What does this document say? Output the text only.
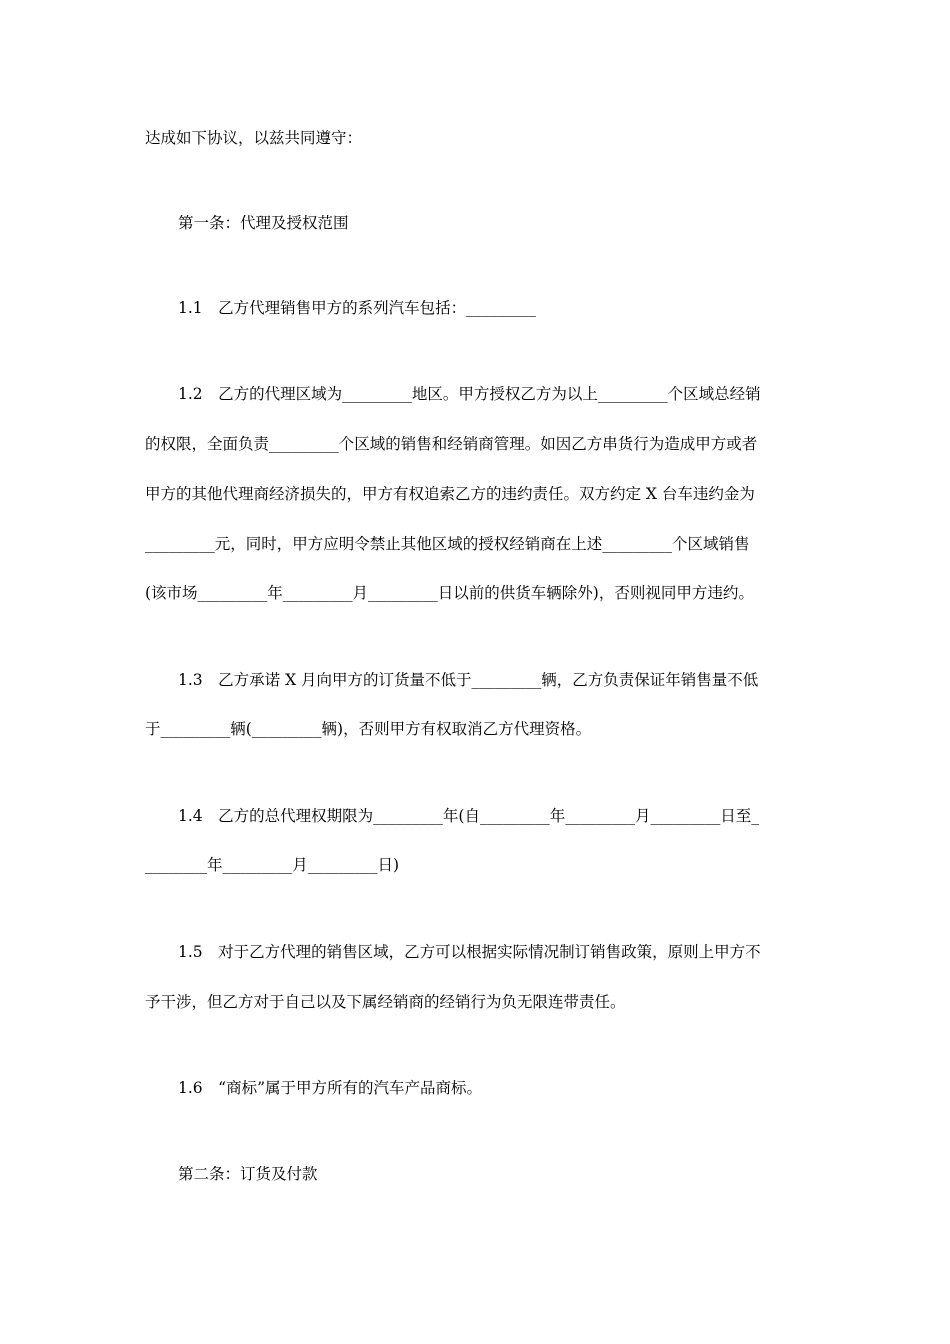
达成如下协议，以兹共同遵守：

第一条：代理及授权范围

1.1　乙方代理销售甲方的系列汽车包括：_________

1.2　乙方的代理区域为_________地区。甲方授权乙方为以上_________个区域总经销

的权限，全面负责_________个区域的销售和经销商管理。如因乙方串货行为造成甲方或者

甲方的其他代理商经济损失的，甲方有权追索乙方的违约责任。双方约定 X 台车违约金为

_________元，同时，甲方应明令禁止其他区域的授权经销商在上述_________个区域销售

(该市场_________年_________月_________日以前的供货车辆除外)，否则视同甲方违约。

1.3　乙方承诺 X 月向甲方的订货量不低于_________辆，乙方负责保证年销售量不低

于_________辆(_________辆)，否则甲方有权取消乙方代理资格。

1.4　乙方的总代理权期限为_________年(自_________年_________月_________日至_

________年_________月_________日)

1.5　对于乙方代理的销售区域，乙方可以根据实际情况制订销售政策，原则上甲方不

予干涉，但乙方对于自己以及下属经销商的经销行为负无限连带责任。

1.6　“商标”属于甲方所有的汽车产品商标。

第二条：订货及付款
